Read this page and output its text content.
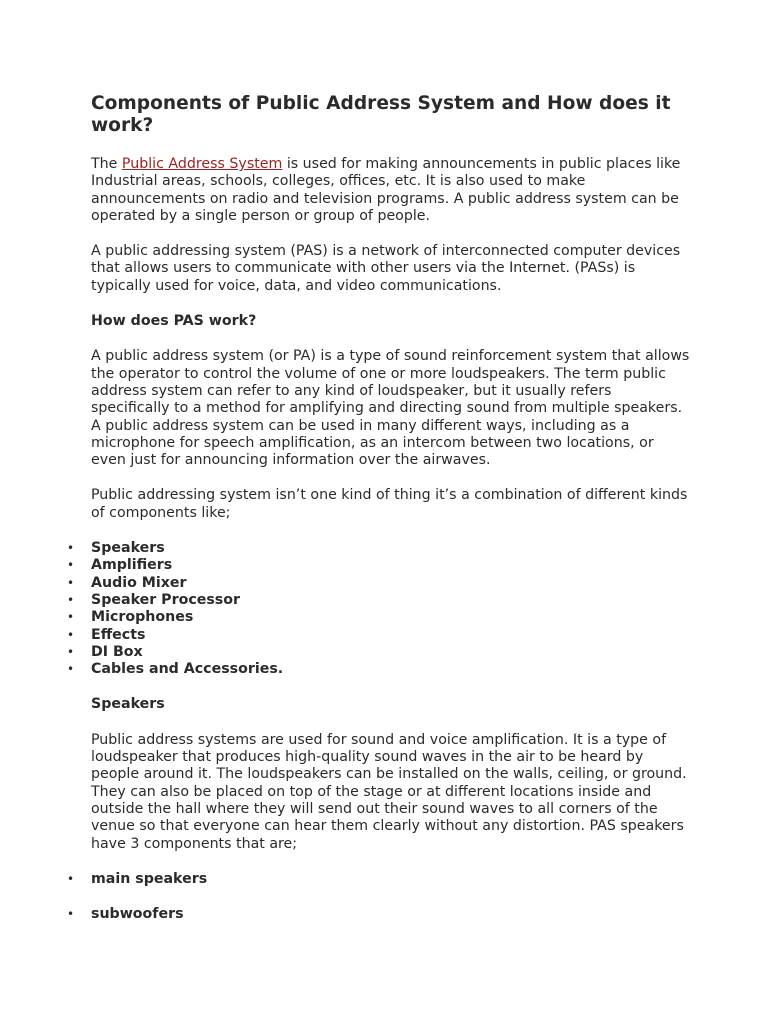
Components of Public Address System and How does it work?

The Public Address System is used for making announcements in public places like Industrial areas, schools, colleges, offices, etc. It is also used to make announcements on radio and television programs. A public address system can be operated by a single person or group of people.

A public addressing system (PAS) is a network of interconnected computer devices that allows users to communicate with other users via the Internet. (PASs) is typically used for voice, data, and video communications.

How does PAS work?

A public address system (or PA) is a type of sound reinforcement system that allows the operator to control the volume of one or more loudspeakers. The term public address system can refer to any kind of loudspeaker, but it usually refers specifically to a method for amplifying and directing sound from multiple speakers. A public address system can be used in many different ways, including as a microphone for speech amplification, as an intercom between two locations, or even just for announcing information over the airwaves.

Public addressing system isn’t one kind of thing it’s a combination of different kinds of components like;

• Speakers
• Amplifiers
• Audio Mixer
• Speaker Processor
• Microphones
• Effects
• DI Box
• Cables and Accessories.
Speakers

Public address systems are used for sound and voice amplification. It is a type of loudspeaker that produces high-quality sound waves in the air to be heard by people around it. The loudspeakers can be installed on the walls, ceiling, or ground. They can also be placed on top of the stage or at different locations inside and outside the hall where they will send out their sound waves to all corners of the venue so that everyone can hear them clearly without any distortion. PAS speakers have 3 components that are;

• main speakers
• subwoofers
